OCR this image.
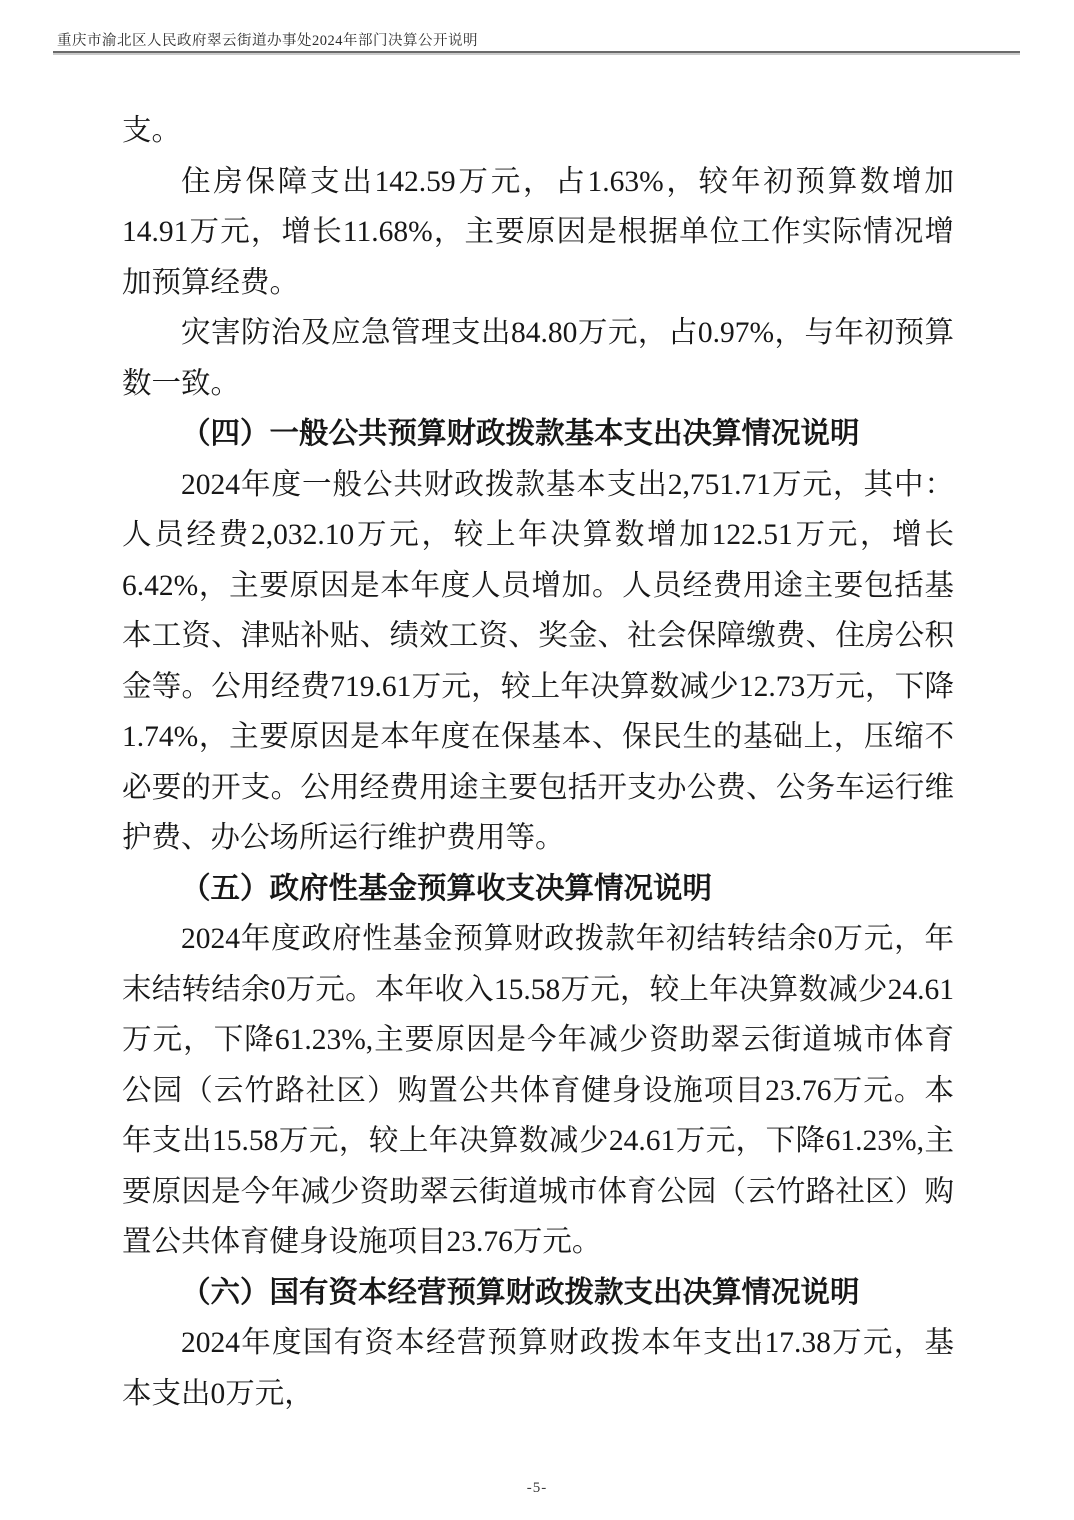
重庆市渝北区人民政府翠云街道办事处2024年部门决算公开说明

支。

住房保障支出142.59万元，占1.63%，较年初预算数增加14.91万元，增长11.68%，主要原因是根据单位工作实际情况增加预算经费。

灾害防治及应急管理支出84.80万元，占0.97%，与年初预算数一致。

（四）一般公共预算财政拨款基本支出决算情况说明

2024年度一般公共财政拨款基本支出2,751.71万元，其中：人员经费2,032.10万元，较上年决算数增加122.51万元，增长6.42%，主要原因是本年度人员增加。人员经费用途主要包括基本工资、津贴补贴、绩效工资、奖金、社会保障缴费、住房公积金等。公用经费719.61万元，较上年决算数减少12.73万元，下降1.74%，主要原因是本年度在保基本、保民生的基础上，压缩不必要的开支。公用经费用途主要包括开支办公费、公务车运行维护费、办公场所运行维护费用等。

（五）政府性基金预算收支决算情况说明

2024年度政府性基金预算财政拨款年初结转结余0万元，年末结转结余0万元。本年收入15.58万元，较上年决算数减少24.61万元，下降61.23%,主要原因是今年减少资助翠云街道城市体育公园（云竹路社区）购置公共体育健身设施项目23.76万元。本年支出15.58万元，较上年决算数减少24.61万元，下降61.23%,主要原因是今年减少资助翠云街道城市体育公园（云竹路社区）购置公共体育健身设施项目23.76万元。

（六）国有资本经营预算财政拨款支出决算情况说明

2024年度国有资本经营预算财政拨本年支出17.38万元，基本支出0万元，

-5-
